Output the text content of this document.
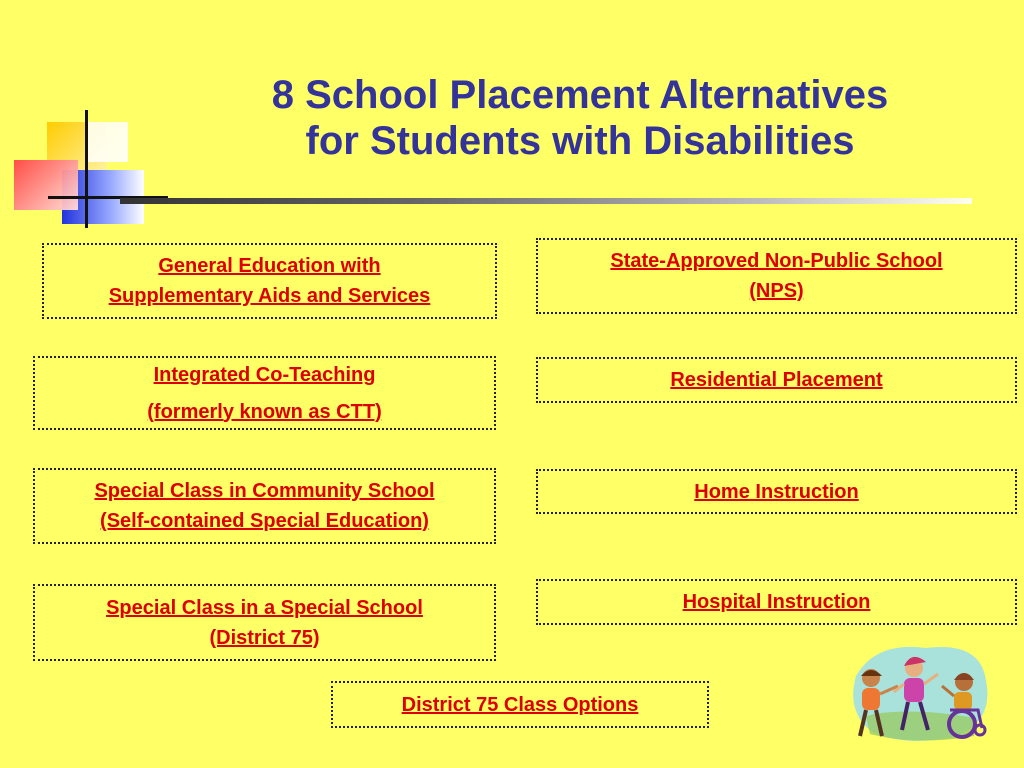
8 School Placement Alternatives
for Students with Disabilities
General Education with
Supplementary Aids and Services
Integrated Co-Teaching
(formerly known as CTT)
Special Class in Community School
(Self-contained Special Education)
Special Class in a Special School
(District 75)
State-Approved Non-Public School
(NPS)
Residential Placement
Home Instruction
Hospital Instruction
District 75 Class Options
